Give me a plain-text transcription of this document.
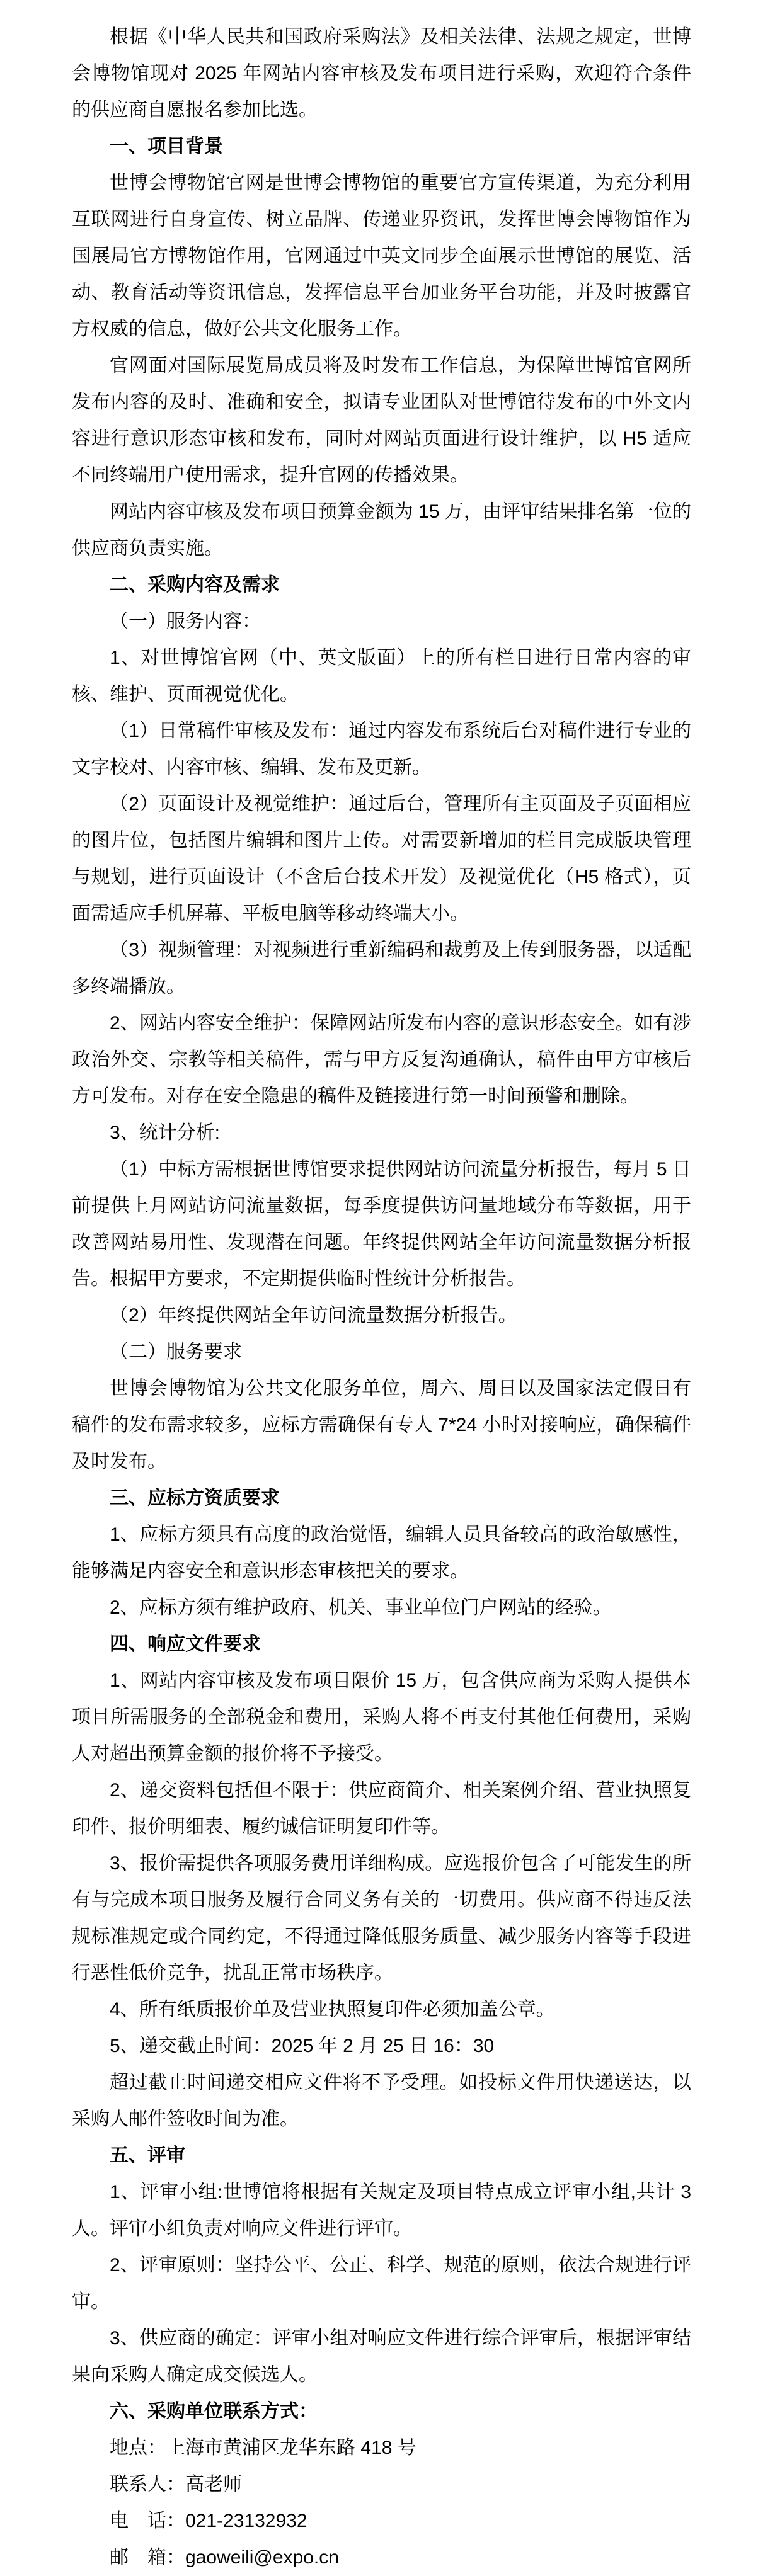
根据《中华人民共和国政府采购法》及相关法律、法规之规定，世博会博物馆现对 2025 年网站内容审核及发布项目进行采购，欢迎符合条件的供应商自愿报名参加比选。

一、项目背景

世博会博物馆官网是世博会博物馆的重要官方宣传渠道，为充分利用互联网进行自身宣传、树立品牌、传递业界资讯，发挥世博会博物馆作为国展局官方博物馆作用，官网通过中英文同步全面展示世博馆的展览、活动、教育活动等资讯信息，发挥信息平台加业务平台功能，并及时披露官方权威的信息，做好公共文化服务工作。

官网面对国际展览局成员将及时发布工作信息，为保障世博馆官网所发布内容的及时、准确和安全，拟请专业团队对世博馆待发布的中外文内容进行意识形态审核和发布，同时对网站页面进行设计维护，以 H5 适应不同终端用户使用需求，提升官网的传播效果。

网站内容审核及发布项目预算金额为 15 万，由评审结果排名第一位的供应商负责实施。

二、采购内容及需求

（一）服务内容：

1、对世博馆官网（中、英文版面）上的所有栏目进行日常内容的审核、维护、页面视觉优化。

（1）日常稿件审核及发布：通过内容发布系统后台对稿件进行专业的文字校对、内容审核、编辑、发布及更新。

（2）页面设计及视觉维护：通过后台，管理所有主页面及子页面相应的图片位，包括图片编辑和图片上传。对需要新增加的栏目完成版块管理与规划，进行页面设计（不含后台技术开发）及视觉优化（H5 格式），页面需适应手机屏幕、平板电脑等移动终端大小。

（3）视频管理：对视频进行重新编码和裁剪及上传到服务器，以适配多终端播放。

2、网站内容安全维护：保障网站所发布内容的意识形态安全。如有涉政治外交、宗教等相关稿件，需与甲方反复沟通确认，稿件由甲方审核后方可发布。对存在安全隐患的稿件及链接进行第一时间预警和删除。

3、统计分析:

（1）中标方需根据世博馆要求提供网站访问流量分析报告，每月 5 日前提供上月网站访问流量数据，每季度提供访问量地域分布等数据，用于改善网站易用性、发现潜在问题。年终提供网站全年访问流量数据分析报告。根据甲方要求，不定期提供临时性统计分析报告。

（2）年终提供网站全年访问流量数据分析报告。

（二）服务要求

世博会博物馆为公共文化服务单位，周六、周日以及国家法定假日有稿件的发布需求较多，应标方需确保有专人 7*24 小时对接响应，确保稿件及时发布。

三、应标方资质要求

1、应标方须具有高度的政治觉悟，编辑人员具备较高的政治敏感性，能够满足内容安全和意识形态审核把关的要求。

2、应标方须有维护政府、机关、事业单位门户网站的经验。

四、响应文件要求

1、网站内容审核及发布项目限价 15 万，包含供应商为采购人提供本项目所需服务的全部税金和费用，采购人将不再支付其他任何费用，采购人对超出预算金额的报价将不予接受。

2、递交资料包括但不限于：供应商简介、相关案例介绍、营业执照复印件、报价明细表、履约诚信证明复印件等。

3、报价需提供各项服务费用详细构成。应选报价包含了可能发生的所有与完成本项目服务及履行合同义务有关的一切费用。供应商不得违反法规标准规定或合同约定，不得通过降低服务质量、减少服务内容等手段进行恶性低价竞争，扰乱正常市场秩序。

4、所有纸质报价单及营业执照复印件必须加盖公章。

5、递交截止时间：2025 年 2 月 25 日 16：30

超过截止时间递交相应文件将不予受理。如投标文件用快递送达，以采购人邮件签收时间为准。

五、评审

1、评审小组:世博馆将根据有关规定及项目特点成立评审小组,共计 3 人。评审小组负责对响应文件进行评审。

2、评审原则：坚持公平、公正、科学、规范的原则，依法合规进行评审。

3、供应商的确定：评审小组对响应文件进行综合评审后，根据评审结果向采购人确定成交候选人。

六、采购单位联系方式：

地点：上海市黄浦区龙华东路 418 号

联系人：高老师

电　话：021-23132932

邮　箱：gaoweili@expo.cn
